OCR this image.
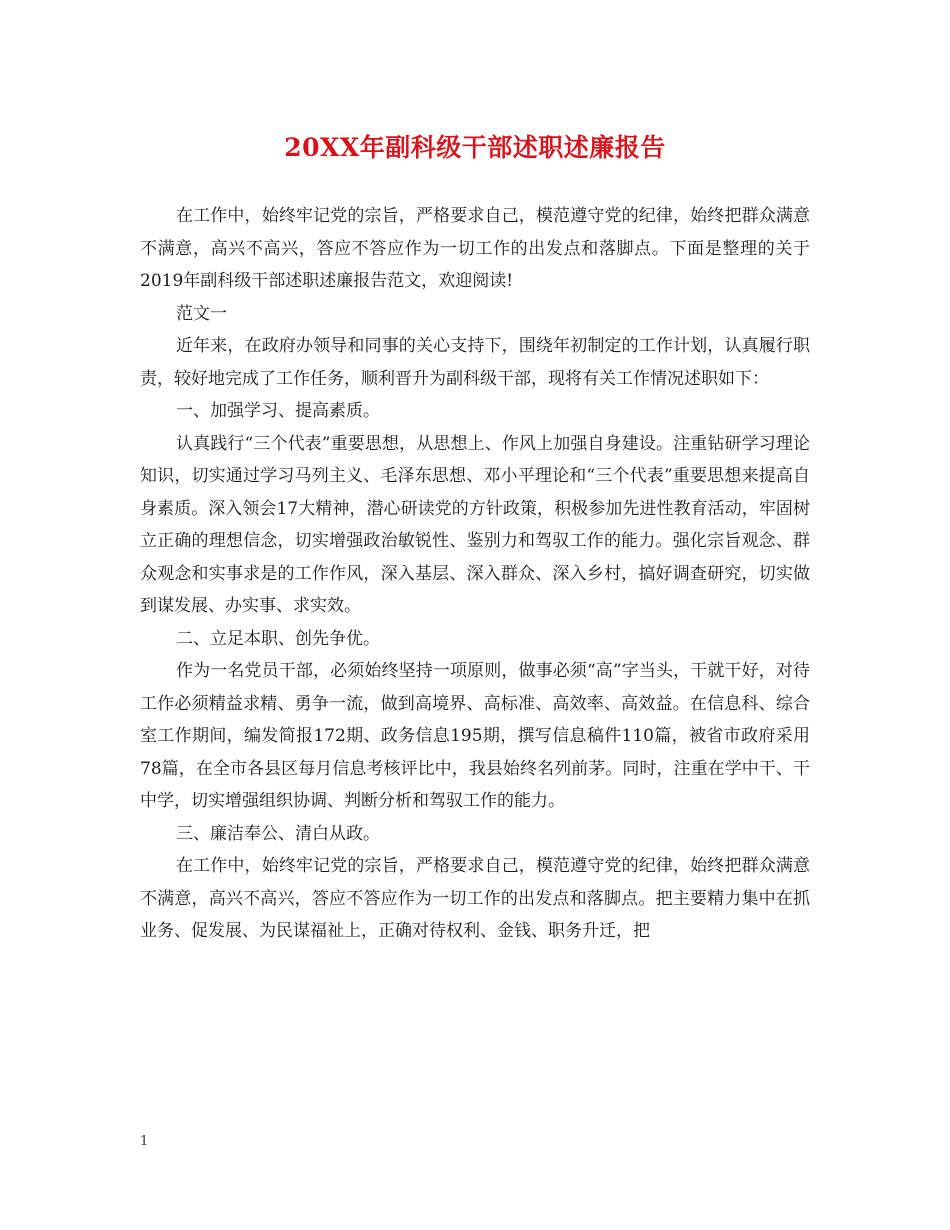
20XX年副科级干部述职述廉报告

在工作中，始终牢记党的宗旨，严格要求自己，模范遵守党的纪律，始终把群众满意不满意，高兴不高兴，答应不答应作为一切工作的出发点和落脚点。下面是整理的关于2019年副科级干部述职述廉报告范文，欢迎阅读!

范文一

近年来，在政府办领导和同事的关心支持下，围绕年初制定的工作计划，认真履行职责，较好地完成了工作任务，顺利晋升为副科级干部，现将有关工作情况述职如下：

一、加强学习、提高素质。

认真践行“三个代表”重要思想，从思想上、作风上加强自身建设。注重钻研学习理论知识，切实通过学习马列主义、毛泽东思想、邓小平理论和“三个代表”重要思想来提高自身素质。深入领会17大精神，潜心研读党的方针政策，积极参加先进性教育活动，牢固树立正确的理想信念，切实增强政治敏锐性、鉴别力和驾驭工作的能力。强化宗旨观念、群众观念和实事求是的工作作风，深入基层、深入群众、深入乡村，搞好调查研究，切实做到谋发展、办实事、求实效。

二、立足本职、创先争优。

作为一名党员干部，必须始终坚持一项原则，做事必须“高”字当头，干就干好，对待工作必须精益求精、勇争一流，做到高境界、高标准、高效率、高效益。在信息科、综合室工作期间，编发简报172期、政务信息195期，撰写信息稿件110篇，被省市政府采用78篇，在全市各县区每月信息考核评比中，我县始终名列前茅。同时，注重在学中干、干中学，切实增强组织协调、判断分析和驾驭工作的能力。

三、廉洁奉公、清白从政。

在工作中，始终牢记党的宗旨，严格要求自己，模范遵守党的纪律，始终把群众满意不满意，高兴不高兴，答应不答应作为一切工作的出发点和落脚点。把主要精力集中在抓业务、促发展、为民谋福祉上，正确对待权利、金钱、职务升迁，把

1
